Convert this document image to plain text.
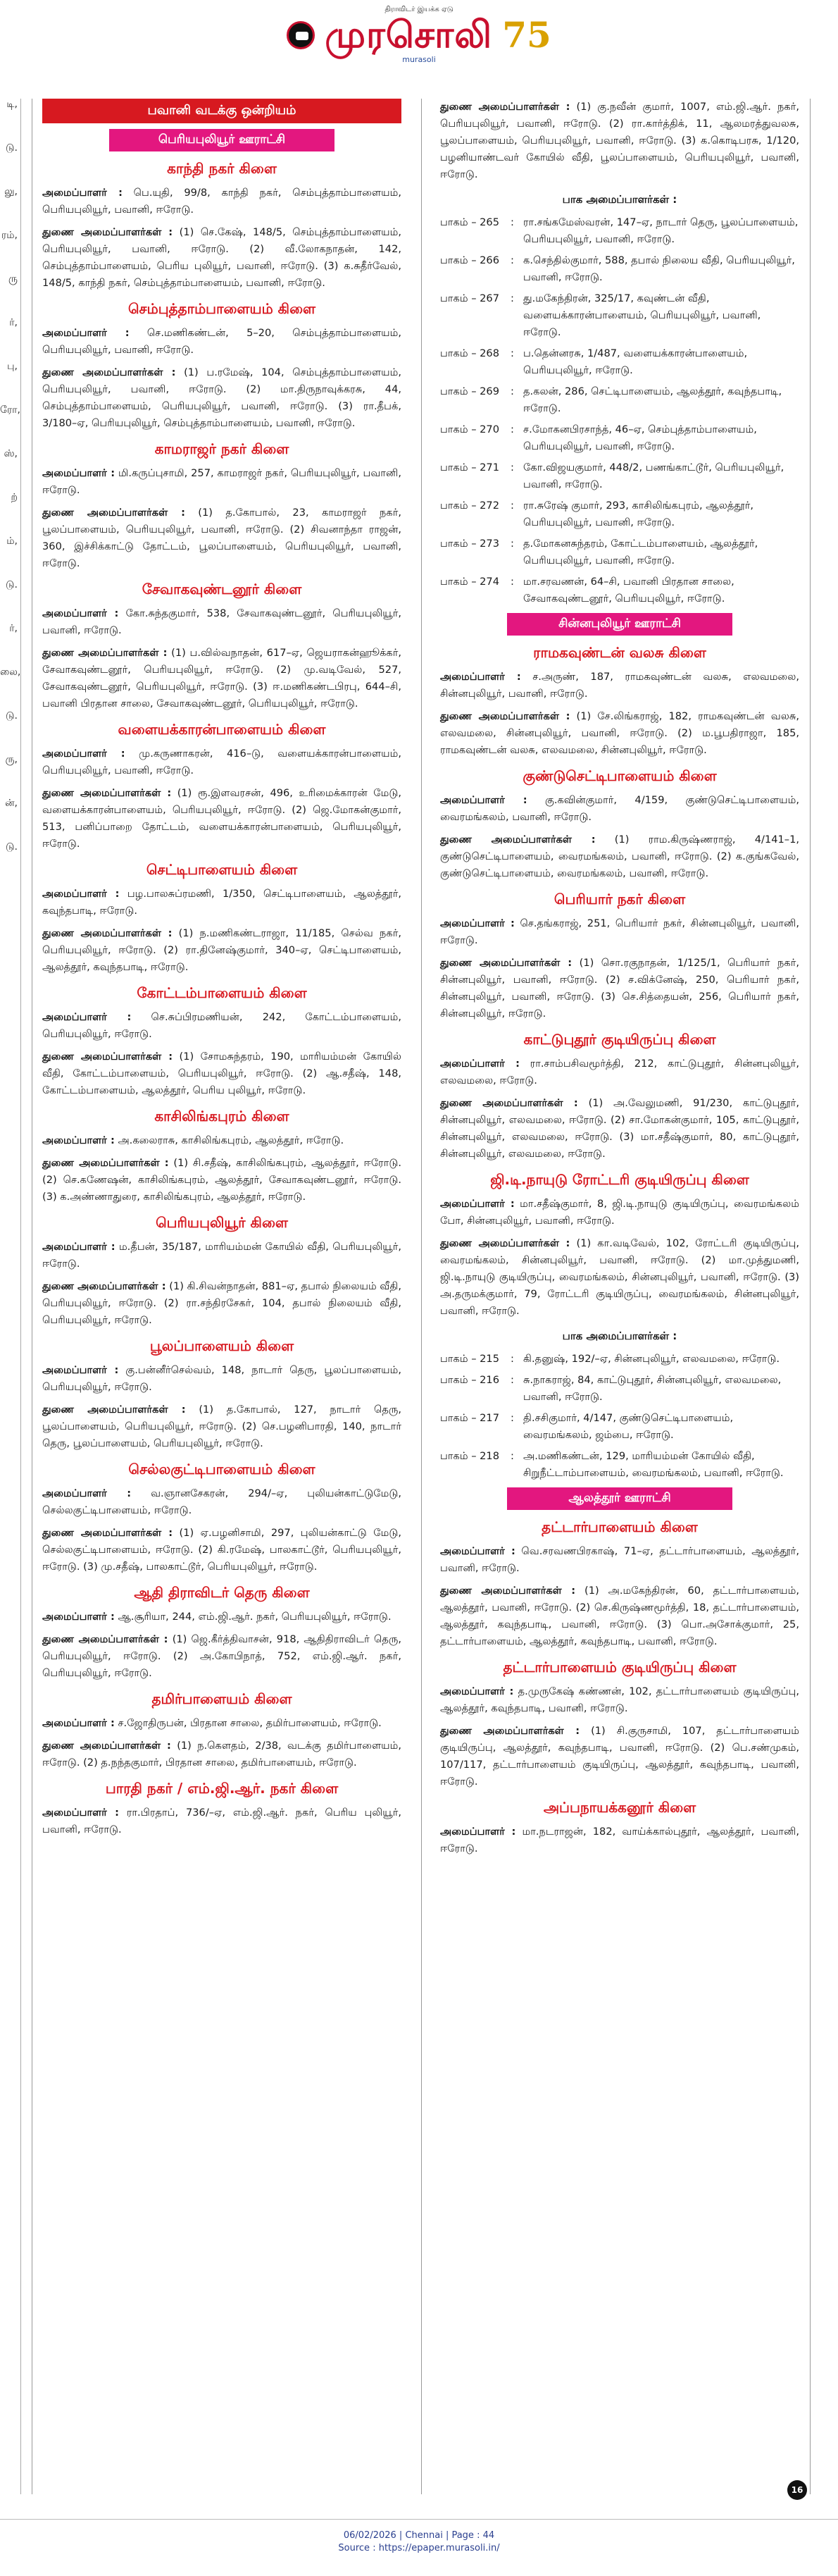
திராவிடர் இயக்க ஏடு
முரசொலி 75
murasoli
டி,
டு.
லு,
ரம்,
ரு
ர்,
பு,
ரோ,
ஸ்,
ற்
ம்,
டு.
ர்,
லை,
டு.
ரு,
ன்,
டு.
பவானி வடக்கு ஒன்றியம்
பெரியபுலியூர் ஊராட்சி
காந்தி நகர் கிளை
அமைப்பாளர் : பெ.யுதி, 99/8, காந்தி நகர், செம்புத்தாம்பாளையம், பெரியபுலியூர், பவானி, ஈரோடு.
துணை அமைப்பாளர்கள் : (1) செ.கேஷ், 148/5, செம்புத்தாம்பாளையம், பெரியபுலியூர், பவானி, ஈரோடு. (2) வீ.லோகநாதன், 142, செம்புத்தாம்பாளையம், பெரிய புலியூர், பவானி, ஈரோடு. (3) க.சுதீர்வேல், 148/5, காந்தி நகர், செம்புத்தாம்பாளையம், பவானி, ஈரோடு.
செம்புத்தாம்பாளையம் கிளை
அமைப்பாளர் : செ.மணிகண்டன், 5–20, செம்புத்தாம்பாளையம், பெரியபுலியூர், பவானி, ஈரோடு.
துணை அமைப்பாளர்கள் : (1) ப.ரமேஷ், 104, செம்புத்தாம்பாளையம், பெரியபுலியூர், பவானி, ஈரோடு. (2) மா.திருநாவுக்கரசு, 44, செம்புத்தாம்பாளையம், பெரியபுலியூர், பவானி, ஈரோடு. (3) ரா.தீபக், 3/180–ஏ, பெரியபுலியூர், செம்புத்தாம்பாளையம், பவானி, ஈரோடு.
காமராஜர் நகர் கிளை
அமைப்பாளர் : மி.கருப்புசாமி, 257, காமராஜர் நகர், பெரியபுலியூர், பவானி, ஈரோடு.
துணை அமைப்பாளர்கள் : (1) த.கோபால், 23, காமராஜர் நகர், பூலப்பாளையம், பெரியபுலியூர், பவானி, ஈரோடு. (2) சிவனாந்தா ராஜன், 360, இச்சிக்காட்டு தோட்டம், பூலப்பாளையம், பெரியபுலியூர், பவானி, ஈரோடு.
சேவாகவுண்டனூர் கிளை
அமைப்பாளர் : கோ.சுந்தகுமார், 538, சேவாகவுண்டனூர், பெரியபுலியூர், பவானி, ஈரோடு.
துணை அமைப்பாளர்கள் : (1) ப.வில்வநாதன், 617–ஏ, ஜெயராகன்ஹூக்கர், சேவாகவுண்டனூர், பெரியபுலியூர், ஈரோடு. (2) மு.வடிவேல், 527, சேவாகவுண்டனூர், பெரியபுலியூர், ஈரோடு. (3) ஈ.மணிகண்டபிரபு, 644–சி, பவானி பிரதான சாலை, சேவாகவுண்டனூர், பெரியபுலியூர், ஈரோடு.
வளையக்காரன்பாளையம் கிளை
அமைப்பாளர் : மு.கருணாகரன், 416–டு, வளையக்காரன்பாளையம், பெரியபுலியூர், பவானி, ஈரோடு.
துணை அமைப்பாளர்கள் : (1) ரூ.இளவரசன், 496, உரிமைக்காரன் மேடு, வளையக்காரன்பாளையம், பெரியபுலியூர், ஈரோடு. (2) ஜெ.மோகன்குமார், 513, பனிப்பாறை தோட்டம், வளையக்காரன்பாளையம், பெரியபுலியூர், ஈரோடு.
செட்டிபாளையம் கிளை
அமைப்பாளர் : பழ.பாலசுப்ரமணி, 1/350, செட்டிபாளையம், ஆலத்தூர், கவுந்தபாடி, ஈரோடு.
துணை அமைப்பாளர்கள் : (1) ந.மணிகண்டராஜா, 11/185, செல்வ நகர், பெரியபுலியூர், ஈரோடு. (2) ரா.தினேஷ்குமார், 340–ஏ, செட்டிபாளையம், ஆலத்தூர், கவுந்தபாடி, ஈரோடு.
கோட்டம்பாளையம் கிளை
அமைப்பாளர் : செ.சுப்பிரமணியன், 242, கோட்டம்பாளையம், பெரியபுலியூர், ஈரோடு.
துணை அமைப்பாளர்கள் : (1) சோமசுந்தரம், 190, மாரியம்மன் கோயில் வீதி, கோட்டம்பாளையம், பெரியபுலியூர், ஈரோடு. (2) ஆ.சதீஷ், 148, கோட்டம்பாளையம், ஆலத்தூர், பெரிய புலியூர், ஈரோடு.
காசிலிங்கபுரம் கிளை
அமைப்பாளர் : அ.கலைராசு, காசிலிங்கபுரம், ஆலத்தூர், ஈரோடு.
துணை அமைப்பாளர்கள் : (1) சி.சதீஷ், காசிலிங்கபுரம், ஆலத்தூர், ஈரோடு. (2) செ.கணேஷன், காசிலிங்கபுரம், ஆலத்தூர், சேவாகவுண்டனூர், ஈரோடு. (3) க.அண்ணாதுரை, காசிலிங்கபுரம், ஆலத்தூர், ஈரோடு.
பெரியபுலியூர் கிளை
அமைப்பாளர் : ம.தீபன், 35/187, மாரியம்மன் கோயில் வீதி, பெரியபுலியூர், ஈரோடு.
துணை அமைப்பாளர்கள் : (1) கி.சிவன்நாதன், 881–ஏ, தபால் நிலையம் வீதி, பெரியபுலியூர், ஈரோடு. (2) ரா.சந்திரசேகர், 104, தபால் நிலையம் வீதி, பெரியபுலியூர், ஈரோடு.
பூலப்பாளையம் கிளை
அமைப்பாளர் : கு.பன்னீர்செல்வம், 148, நாடார் தெரு, பூலப்பாளையம், பெரியபுலியூர், ஈரோடு.
துணை அமைப்பாளர்கள் : (1) த.கோபால், 127, நாடார் தெரு, பூலப்பாளையம், பெரியபுலியூர், ஈரோடு. (2) செ.பழனிபாரதி, 140, நாடார் தெரு, பூலப்பாளையம், பெரியபுலியூர், ஈரோடு.
செல்லகுட்டிபாளையம் கிளை
அமைப்பாளர் : வ.ஞானசேகரன், 294/–ஏ, புலியன்காட்டுமேடு, செல்லகுட்டிபாளையம், ஈரோடு.
துணை அமைப்பாளர்கள் : (1) ஏ.பழனிசாமி, 297, புலியன்காட்டு மேடு, செல்லகுட்டிபாளையம், ஈரோடு. (2) கி.ரமேஷ், பாலகாட்டூர், பெரியபுலியூர், ஈரோடு. (3) மு.சதீஷ், பாலகாட்டூர், பெரியபுலியூர், ஈரோடு.
ஆதி திராவிடர் தெரு கிளை
அமைப்பாளர் : ஆ.சூரியா, 244, எம்.ஜி.ஆர். நகர், பெரியபுலியூர், ஈரோடு.
துணை அமைப்பாளர்கள் : (1) ஜெ.கீர்த்திவாசன், 918, ஆதிதிராவிடர் தெரு, பெரியபுலியூர், ஈரோடு. (2) அ.கோபிநாத், 752, எம்.ஜி.ஆர். நகர், பெரியபுலியூர், ஈரோடு.
தமிர்பாளையம் கிளை
அமைப்பாளர் : ச.ஜோதிருபன், பிரதான சாலை, தமிர்பாளையம், ஈரோடு.
துணை அமைப்பாளர்கள் : (1) ந.கௌதம், 2/38, வடக்கு தமிர்பாளையம், ஈரோடு. (2) த.நந்தகுமார், பிரதான சாலை, தமிர்பாளையம், ஈரோடு.
பாரதி நகர் / எம்.ஜி.ஆர். நகர் கிளை
அமைப்பாளர் : ரா.பிரதாப், 736/–ஏ, எம்.ஜி.ஆர். நகர், பெரிய புலியூர், பவானி, ஈரோடு.
துணை அமைப்பாளர்கள் : (1) கு.நவீன் குமார், 1007, எம்.ஜி.ஆர். நகர், பெரியபுலியூர், பவானி, ஈரோடு. (2) ரா.கார்த்திக், 11, ஆலமரத்துவலசு, பூலப்பாளையம், பெரியபுலியூர், பவானி, ஈரோடு. (3) க.கொடிபரசு, 1/120, பழனியாண்டவர் கோயில் வீதி, பூலப்பாளையம், பெரியபுலியூர், பவானி, ஈரோடு.
பாக அமைப்பாளர்கள் :
பாகம் – 265	: ரா.சங்கமேஸ்வரன், 147–ஏ, நாடார் தெரு, பூலப்பாளையம், பெரியபுலியூர், பவானி, ஈரோடு.
பாகம் – 266	: க.செந்தில்குமார், 588, தபால் நிலைய வீதி, பெரியபுலியூர், பவானி, ஈரோடு.
பாகம் – 267	: து.மகேந்திரன், 325/17, கவுண்டன் வீதி, வளையக்காரன்பாளையம், பெரியபுலியூர், பவானி, ஈரோடு.
பாகம் – 268	: ப.தென்னரசு, 1/487, வளையக்காரன்பாளையம், பெரியபுலியூர், ஈரோடு.
பாகம் – 269	: த.கலன், 286, செட்டிபாளையம், ஆலத்தூர், கவுந்தபாடி, ஈரோடு.
பாகம் – 270	: ச.மோகனபிரசாந்த், 46–ஏ, செம்புத்தாம்பாளையம், பெரியபுலியூர், பவானி, ஈரோடு.
பாகம் – 271	: கோ.விஜயகுமார், 448/2, பணங்காட்டூர், பெரியபுலியூர், பவானி, ஈரோடு.
பாகம் – 272	: ரா.சுரேஷ் குமார், 293, காசிலிங்கபுரம், ஆலத்தூர், பெரியபுலியூர், பவானி, ஈரோடு.
பாகம் – 273	: த.மோகனசுந்தரம், கோட்டம்பாளையம், ஆலத்தூர், பெரியபுலியூர், பவானி, ஈரோடு.
பாகம் – 274	: மா.சரவணன், 64–சி, பவானி பிரதான சாலை, சேவாகவுண்டனூர், பெரியபுலியூர், ஈரோடு.
சின்னபுலியூர் ஊராட்சி
ராமகவுண்டன் வலசு கிளை
அமைப்பாளர் : ச.அருண், 187, ராமகவுண்டன் வலசு, எலவமலை, சின்னபுலியூர், பவானி, ஈரோடு.
துணை அமைப்பாளர்கள் : (1) சே.லிங்கராஜ், 182, ராமகவுண்டன் வலசு, எலவமலை, சின்னபுலியூர், பவானி, ஈரோடு. (2) ம.பூபதிராஜா, 185, ராமகவுண்டன் வலசு, எலவமலை, சின்னபுலியூர், ஈரோடு.
குண்டுசெட்டிபாளையம் கிளை
அமைப்பாளர் : கு.கவின்குமார், 4/159, குண்டுசெட்டிபாளையம், வைரமங்கலம், பவானி, ஈரோடு.
துணை அமைப்பாளர்கள் : (1) ராம.கிருஷ்ணராஜ், 4/141–1, குண்டுசெட்டிபாளையம், வைரமங்கலம், பவானி, ஈரோடு. (2) க.குங்கவேல், குண்டுசெட்டிபாளையம், வைரமங்கலம், பவானி, ஈரோடு.
பெரியார் நகர் கிளை
அமைப்பாளர் : செ.தங்கராஜ், 251, பெரியார் நகர், சின்னபுலியூர், பவானி, ஈரோடு.
துணை அமைப்பாளர்கள் : (1) சொ.ரகுநாதன், 1/125/1, பெரியார் நகர், சின்னபுலியூர், பவானி, ஈரோடு. (2) ச.விக்னேஷ், 250, பெரியார் நகர், சின்னபுலியூர், பவானி, ஈரோடு. (3) செ.சித்தையன், 256, பெரியார் நகர், சின்னபுலியூர், ஈரோடு.
காட்டுபுதூர் குடியிருப்பு கிளை
அமைப்பாளர் : ரா.சாம்பசிவமூர்த்தி, 212, காட்டுபுதூர், சின்னபுலியூர், எலவமலை, ஈரோடு.
துணை அமைப்பாளர்கள் : (1) அ.வேலுமணி, 91/230, காட்டுபுதூர், சின்னபுலியூர், எலவமலை, ஈரோடு. (2) சா.மோகன்குமார், 105, காட்டுபுதூர், சின்னபுலியூர், எலவமலை, ஈரோடு. (3) மா.சதீஷ்குமார், 80, காட்டுபுதூர், சின்னபுலியூர், எலவமலை, ஈரோடு.
ஜி.டி.நாயுடு ரோட்டரி குடியிருப்பு கிளை
அமைப்பாளர் : மா.சதீஷ்குமார், 8, ஜி.டி.நாயுடு குடியிருப்பு, வைரமங்கலம் போ, சின்னபுலியூர், பவானி, ஈரோடு.
துணை அமைப்பாளர்கள் : (1) கா.வடிவேல், 102, ரோட்டரி குடியிருப்பு, வைரமங்கலம், சின்னபுலியூர், பவானி, ஈரோடு. (2) மா.முத்துமணி, ஜி.டி.நாயுடு குடியிருப்பு, வைரமங்கலம், சின்னபுலியூர், பவானி, ஈரோடு. (3) அ.தருமக்குமார், 79, ரோட்டரி குடியிருப்பு, வைரமங்கலம், சின்னபுலியூர், பவானி, ஈரோடு.
பாக அமைப்பாளர்கள் :
பாகம் – 215	: கி.தனுஷ், 192/–ஏ, சின்னபுலியூர், எலவமலை, ஈரோடு.
பாகம் – 216	: சு.நாகராஜ், 84, காட்டுபுதூர், சின்னபுலியூர், எலவமலை, பவானி, ஈரோடு.
பாகம் – 217	: தி.சசிகுமார், 4/147, குண்டுசெட்டிபாளையம், வைரமங்கலம், ஜம்பை, ஈரோடு.
பாகம் – 218	: அ.மணிகண்டன், 129, மாரியம்மன் கோயில் வீதி, சிறுநீட்டாம்பாளையம், வைரமங்கலம், பவானி, ஈரோடு.
ஆலத்தூர் ஊராட்சி
தட்டார்பாளையம் கிளை
அமைப்பாளர் : வெ.சரவணபிரகாஷ், 71–ஏ, தட்டார்பாளையம், ஆலத்தூர், பவானி, ஈரோடு.
துணை அமைப்பாளர்கள் : (1) அ.மகேந்திரன், 60, தட்டார்பாளையம், ஆலத்தூர், பவானி, ஈரோடு. (2) செ.கிருஷ்ணமூர்த்தி, 18, தட்டார்பாளையம், ஆலத்தூர், கவுந்தபாடி, பவானி, ஈரோடு. (3) பொ.அசோக்குமார், 25, தட்டார்பாளையம், ஆலத்தூர், கவுந்தபாடி, பவானி, ஈரோடு.
தட்டார்பாளையம் குடியிருப்பு கிளை
அமைப்பாளர் : த.முருகேஷ் கண்ணன், 102, தட்டார்பாளையம் குடியிருப்பு, ஆலத்தூர், கவுந்தபாடி, பவானி, ஈரோடு.
துணை அமைப்பாளர்கள் : (1) சி.குருசாமி, 107, தட்டார்பாளையம் குடியிருப்பு, ஆலத்தூர், கவுந்தபாடி, பவானி, ஈரோடு. (2) பெ.சண்முகம், 107/117, தட்டார்பாளையம் குடியிருப்பு, ஆலத்தூர், கவுந்தபாடி, பவானி, ஈரோடு.
அப்பநாயக்கனூர் கிளை
அமைப்பாளர் : மா.நடராஜன், 182, வாய்க்கால்புதூர், ஆலத்தூர், பவானி, ஈரோடு.
16
06/02/2026 | Chennai | Page : 44
Source : https://epaper.murasoli.in/
